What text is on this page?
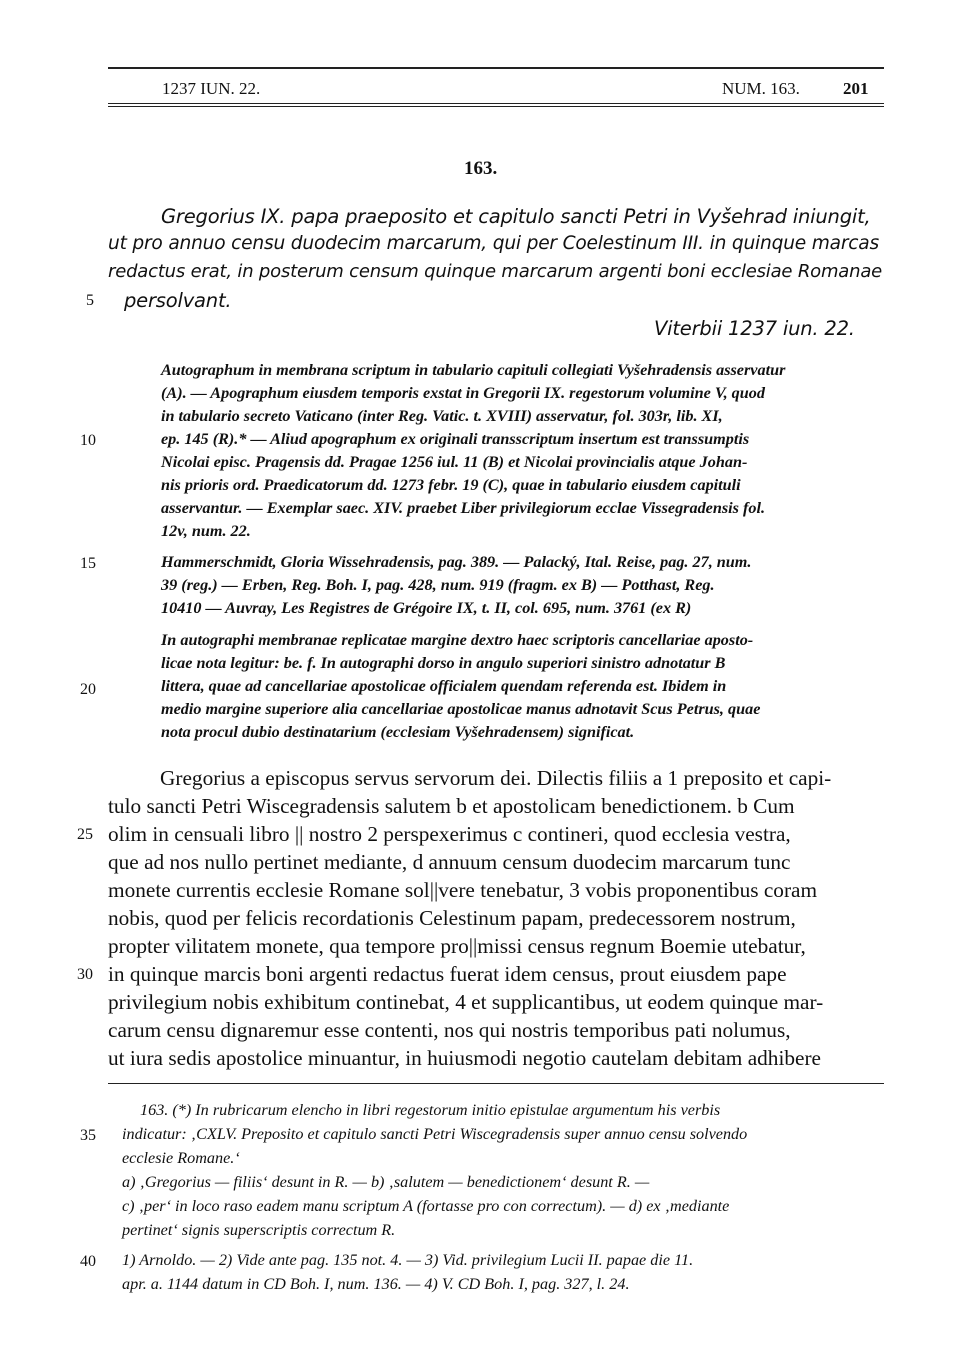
1237 IUN. 22.	NUM. 163.	201
163.
Gregorius IX. papa praeposito et capitulo sancti Petri in Vyšehrad iniungit,
ut pro annuo censu duodecim marcarum, qui per Coelestinum III. in quinque marcas
redactus erat, in posterum censum quinque marcarum argenti boni ecclesiae Romanae
persolvant.
Viterbii 1237 iun. 22.
Autographum in membrana scriptum in tabulario capituli collegiati Vyšehradensis asservatur
(A). — Apographum eiusdem temporis exstat in Gregorii IX. regestorum volumine V, quod
in tabulario secreto Vaticano (inter Reg. Vatic. t. XVIII) asservatur, fol. 303r, lib. XI,
ep. 145 (R).* — Aliud apographum ex originali transscriptum insertum est transsumptis
Nicolai episc. Pragensis dd. Pragae 1256 iul. 11 (B) et Nicolai provincialis atque Johan-
nis prioris ord. Praedicatorum dd. 1273 febr. 19 (C), quae in tabulario eiusdem capituli
asservantur. — Exemplar saec. XIV. praebet Liber privilegiorum ecclae Vissegradensis fol.
12v, num. 22.
Hammerschmidt, Gloria Wissehradensis, pag. 389. — Palacký, Ital. Reise, pag. 27, num.
39 (reg.) — Erben, Reg. Boh. I, pag. 428, num. 919 (fragm. ex B) — Potthast, Reg.
10410 — Auvray, Les Registres de Grégoire IX, t. II, col. 695, num. 3761 (ex R)
In autographi membranae replicatae margine dextro haec scriptoris cancellariae aposto-
licae nota legitur: be. f. In autographi dorso in angulo superiori sinistro adnotatur B
littera, quae ad cancellariae apostolicae officialem quendam referenda est. Ibidem in
medio margine superiore alia cancellariae apostolicae manus adnotavit Scus Petrus, quae
nota procul dubio destinatarium (ecclesiam Vyšehradensem) significat.
Gregorius a episcopus servus servorum dei. Dilectis filiis a 1 preposito et capi-
tulo sancti Petri Wiscegradensis salutem b et apostolicam benedictionem. b Cum
olim in censuali libro || nostro 2 perspexerimus c contineri, quod ecclesia vestra,
que ad nos nullo pertinet mediante, d annuum censum duodecim marcarum tunc
monete currentis ecclesie Romane sol||vere tenebatur, 3 vobis proponentibus coram
nobis, quod per felicis recordationis Celestinum papam, predecessorem nostrum,
propter vilitatem monete, qua tempore pro||missi census regnum Boemie utebatur,
in quinque marcis boni argenti redactus fuerat idem census, prout eiusdem pape
privilegium nobis exhibitum continebat, 4 et supplicantibus, ut eodem quinque mar-
carum censu dignaremur esse contenti, nos qui nostris temporibus pati nolumus,
ut iura sedis apostolice minuantur, in huiusmodi negotio cautelam debitam adhibere
163. (*) In rubricarum elencho in libri regestorum initio epistulae argumentum his verbis
indicatur: ‚CXLV. Preposito et capitulo sancti Petri Wiscegradensis super annuo censu solvendo
ecclesie Romane.‘
a) ‚Gregorius — filiis‘ desunt in R. — b) ‚salutem — benedictionem‘ desunt R. —
c) ‚per‘ in loco raso eadem manu scriptum A (fortasse pro con correctum). — d) ex ‚mediante
pertinet‘ signis superscriptis correctum R.
1) Arnoldo. — 2) Vide ante pag. 135 not. 4. — 3) Vid. privilegium Lucii II. papae die 11.
apr. a. 1144 datum in CD Boh. I, num. 136. — 4) V. CD Boh. I, pag. 327, l. 24.
5
10
15
20
25
30
35
40
